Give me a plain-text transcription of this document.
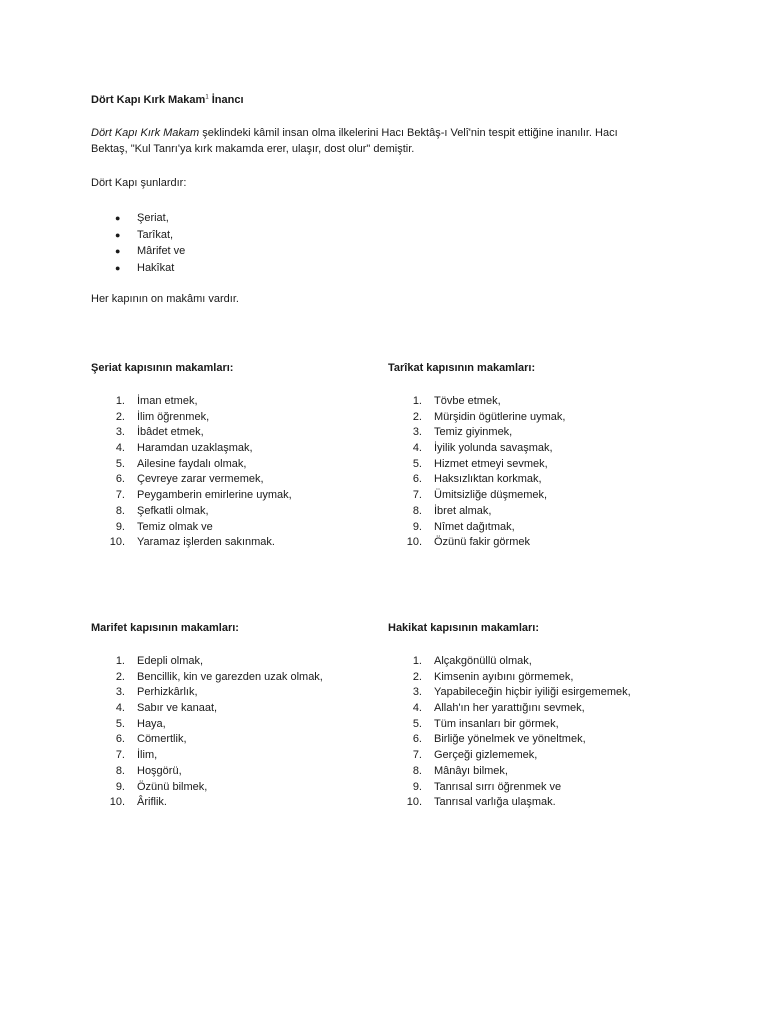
Dört Kapı Kırk Makam$^1$ İnancı
Dört Kapı Kırk Makam şeklindeki kâmil insan olma ilkelerini Hacı Bektâş-ı Velî'nin tespit ettiğine inanılır. Hacı Bektaş, "Kul Tanrı'ya kırk makamda erer, ulaşır, dost olur" demiştir.
Dört Kapı şunlardır:
● Şeriat,
● Tarîkat,
● Mârifet ve
● Hakîkat
Her kapının on makâmı vardır.
Şeriat kapısının makamları:
1. İman etmek,
2. İlim öğrenmek,
3. İbâdet etmek,
4. Haramdan uzaklaşmak,
5. Ailesine faydalı olmak,
6. Çevreye zarar vermemek,
7. Peygamberin emirlerine uymak,
8. Şefkatli olmak,
9. Temiz olmak ve
10. Yaramaz işlerden sakınmak.
Tarîkat kapısının makamları:
1. Tövbe etmek,
2. Mürşidin ögütlerine uymak,
3. Temiz giyinmek,
4. İyilik yolunda savaşmak,
5. Hizmet etmeyi sevmek,
6. Haksızlıktan korkmak,
7. Ümitsizliğe düşmemek,
8. İbret almak,
9. Nîmet dağıtmak,
10. Özünü fakir görmek
Marifet kapısının makamları:
1. Edepli olmak,
2. Bencillik, kin ve garezden uzak olmak,
3. Perhizkârlık,
4. Sabır ve kanaat,
5. Haya,
6. Cömertlik,
7. İlim,
8. Hoşgörü,
9. Özünü bilmek,
10. Âriflik.
Hakikat kapısının makamları:
1. Alçakgönüllü olmak,
2. Kimsenin ayıbını görmemek,
3. Yapabileceğin hiçbir iyiliği esirgememek,
4. Allah'ın her yarattığını sevmek,
5. Tüm insanları bir görmek,
6. Birliğe yönelmek ve yöneltmek,
7. Gerçeği gizlememek,
8. Mânâyı bilmek,
9. Tanrısal sırrı öğrenmek ve
10. Tanrısal varlığa ulaşmak.
